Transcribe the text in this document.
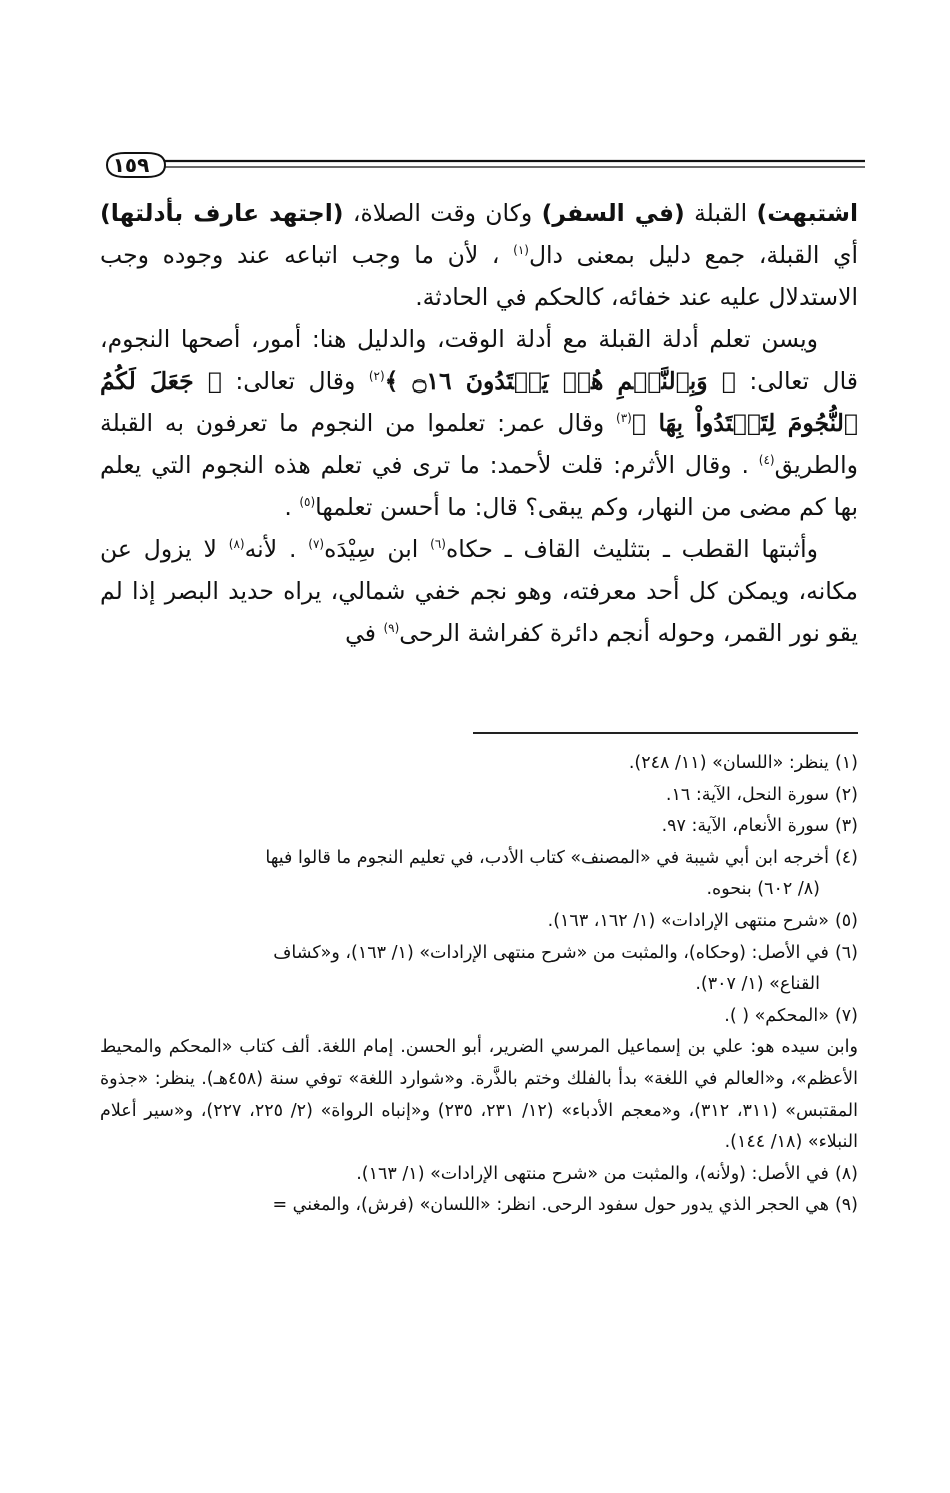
١٥٩

اشتبهت) القبلة (في السفر) وكان وقت الصلاة، (اجتهد عارف بأدلتها) أي القبلة، جمع دليل بمعنى دال$^{(١)}$ ، لأن ما وجب اتباعه عند وجوده وجب الاستدلال عليه عند خفائه، كالحكم في الحادثة.

ويسن تعلم أدلة القبلة مع أدلة الوقت، والدليل هنا: أمور، أصحها النجوم، قال تعالى: ﴿ وَبِٱلنَّجۡمِ هُمۡ يَهۡتَدُونَ ۝١٦ ﴾$^{(٢)}$ وقال تعالى: ﴿ جَعَلَ لَكُمُ ٱلنُّجُومَ لِتَهۡتَدُواْ بِهَا ﴾$^{(٣)}$ وقال عمر: تعلموا من النجوم ما تعرفون به القبلة والطريق$^{(٤)}$ . وقال الأثرم: قلت لأحمد: ما ترى في تعلم هذه النجوم التي يعلم بها كم مضى من النهار، وكم يبقى؟ قال: ما أحسن تعلمها$^{(٥)}$ .

وأثبتها القطب ـ بتثليث القاف ـ حكاه$^{(٦)}$ ابن سِيْدَه$^{(٧)}$ . لأنه$^{(٨)}$ لا يزول عن مكانه، ويمكن كل أحد معرفته، وهو نجم خفي شمالي، يراه حديد البصر إذا لم يقو نور القمر، وحوله أنجم دائرة كفراشة الرحى$^{(٩)}$ في

(١)ينظر: «اللسان» (١١/ ٢٤٨).

(٢)سورة النحل، الآية: ١٦.

(٣)سورة الأنعام، الآية: ٩٧.

(٤)أخرجه ابن أبي شيبة في «المصنف» كتاب الأدب، في تعليم النجوم ما قالوا فيها
(٨/ ٦٠٢) بنحوه.

(٥)«شرح منتهى الإرادات» (١/ ١٦٢، ١٦٣).

(٦)في الأصل: (وحكاه)، والمثبت من «شرح منتهى الإرادات» (١/ ١٦٣)، و«كشاف
القناع» (١/ ٣٠٧).

(٧)«المحكم» ( ).

وابن سيده هو: علي بن إسماعيل المرسي الضرير، أبو الحسن. إمام اللغة. ألف كتاب «المحكم والمحيط الأعظم»، و«العالم في اللغة» بدأ بالفلك وختم بالذَّرة. و«شوارد اللغة» توفي سنة (٤٥٨هـ). ينظر: «جذوة المقتبس» (٣١١، ٣١٢)، و«معجم الأدباء» (١٢/ ٢٣١، ٢٣٥) و«إنباه الرواة» (٢/ ٢٢٥، ٢٢٧)، و«سير أعلام النبلاء» (١٨/ ١٤٤).

(٨)في الأصل: (ولأنه)، والمثبت من «شرح منتهى الإرادات» (١/ ١٦٣).

(٩)هي الحجر الذي يدور حول سفود الرحى. انظر: «اللسان» (فرش)، والمغني =
